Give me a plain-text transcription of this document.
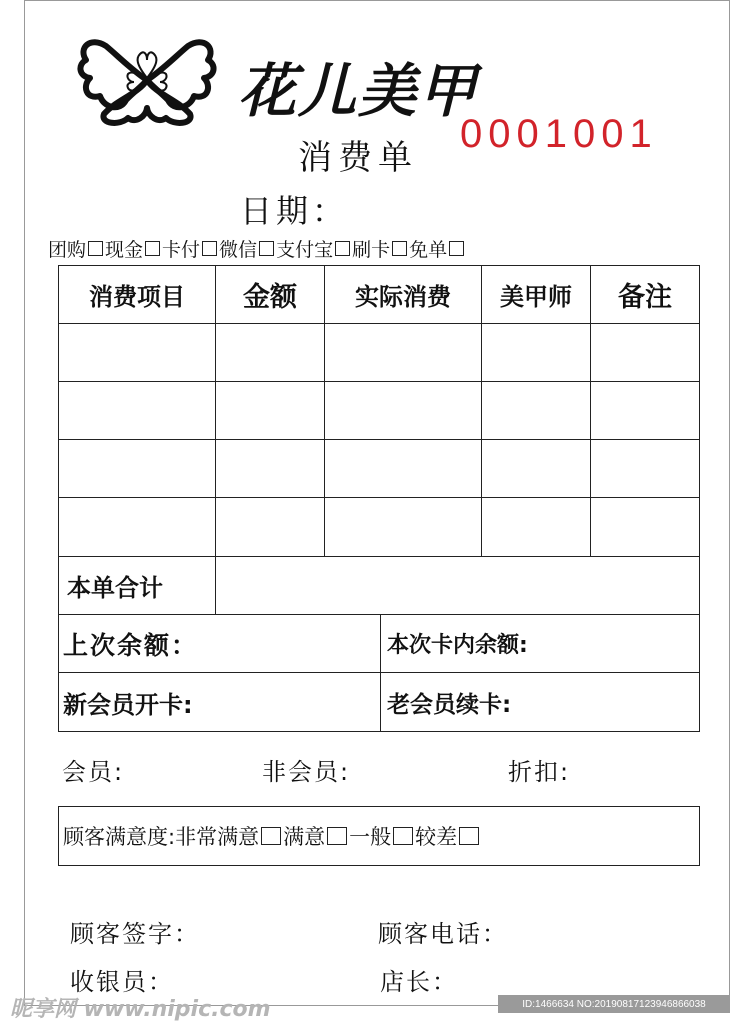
花儿美甲
消费单
0001001
日期：
团购 现金 卡付 微信 支付宝 刷卡 免单
消费项目	金额	实际消费	美甲师	备注
本单合计
上次余额：	本次卡内余额:
新会员开卡:	老会员续卡:
会员:	非会员:	折扣:
顾客满意度: 非常满意 满意 一般 较差
顾客签字：	顾客电话：
收银员：	店长：
昵享网 www.nipic.com	ID:1466634 NO:20190817123946866038
